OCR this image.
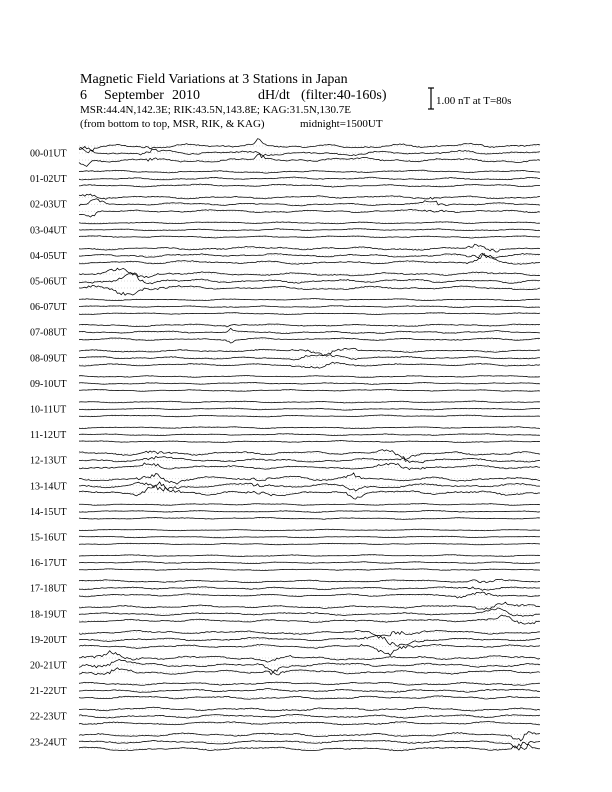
Magnetic Field Variations at 3 Stations in Japan
6 September 2010	dH/dt (filter:40-160s)
MSR:44.4N,142.3E; RIK:43.5N,143.8E; KAG:31.5N,130.7E
(from bottom to top, MSR, RIK, & KAG)	midnight=1500UT
1.00 nT at T=80s
00-01UT
01-02UT
02-03UT
03-04UT
04-05UT
05-06UT
06-07UT
07-08UT
08-09UT
09-10UT
10-11UT
11-12UT
12-13UT
13-14UT
14-15UT
15-16UT
16-17UT
17-18UT
18-19UT
19-20UT
20-21UT
21-22UT
22-23UT
23-24UT
